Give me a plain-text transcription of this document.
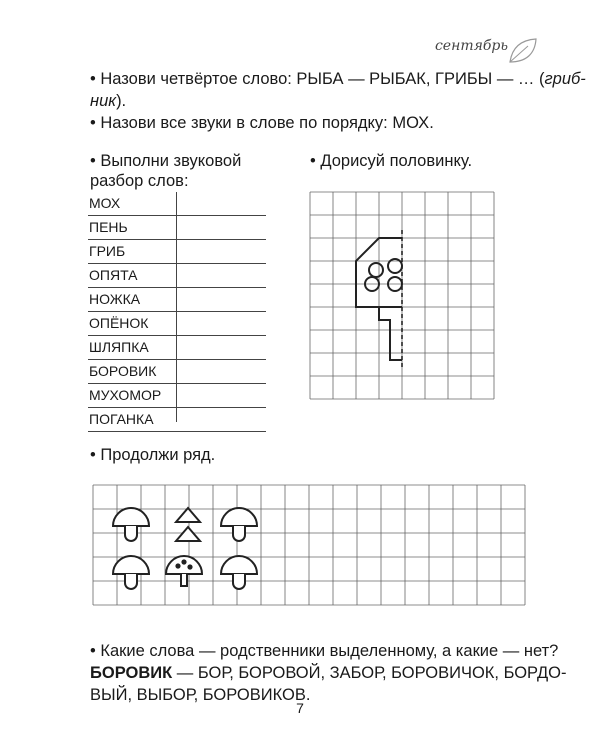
сентябрь
• Назови четвёртое слово: РЫБА — РЫБАК, ГРИБЫ — … (гриб-
ник).
• Назови все звуки в слове по порядку: МОХ.
• Выполни звуковой
разбор слов:
МОХ
ПЕНЬ
ГРИБ
ОПЯТА
НОЖКА
ОПЁНОК
ШЛЯПКА
БОРОВИК
МУХОМОР
ПОГАНКА
• Дорисуй половинку.
• Продолжи ряд.
• Какие слова — родственники выделенному, а какие — нет?
БОРОВИК — БОР, БОРОВОЙ, ЗАБОР, БОРОВИЧОК, БОРДО-
ВЫЙ, ВЫБОР, БОРОВИКОВ.
7
